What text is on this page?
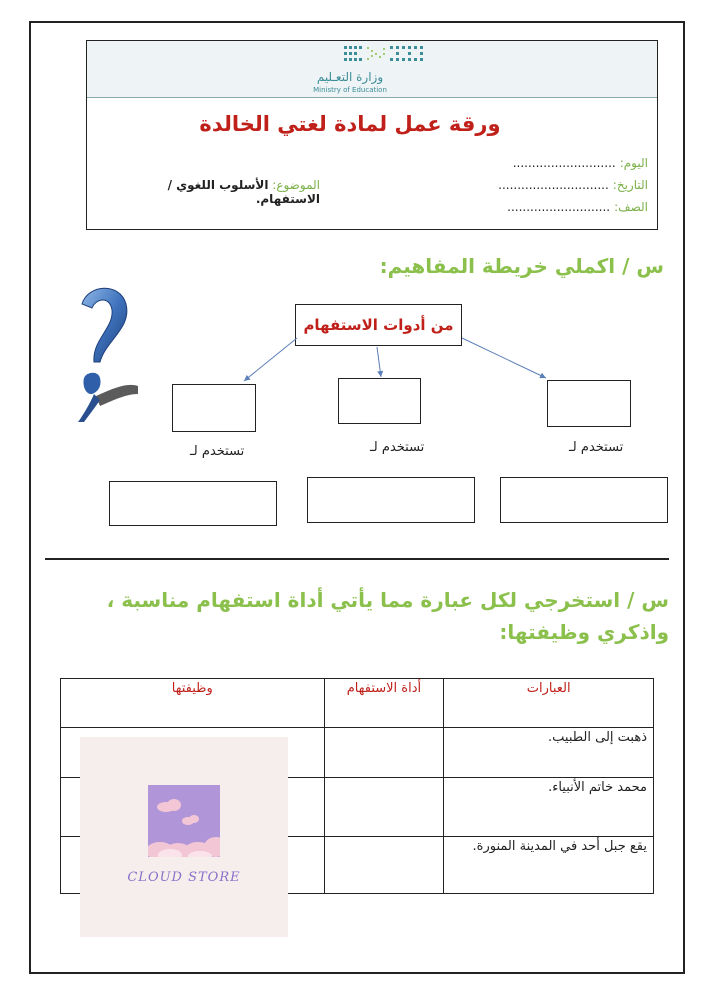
وزارة التعـليم
Ministry of Education
ورقة عمل لمادة لغتي الخالدة
اليوم:
...........................
التاريخ:
.............................
الصف:
...........................
الموضوع: الأسلوب اللغوي / الاستفهام.
س / اكملي خريطة المفاهيم:
من أدوات الاستفهام
تستخدم لـ	تستخدم لـ	تستخدم لـ
س / استخرجي لكل عبارة مما يأتي أداة استفهام مناسبة ، واذكري وظيفتها:
العبارات	أداة الاستفهام	وظيفتها
ذهبت إلى الطبيب.		
محمد خاتم الأنبياء.		
يقع جبل أحد في المدينة المنورة.		
CLOUD STORE
